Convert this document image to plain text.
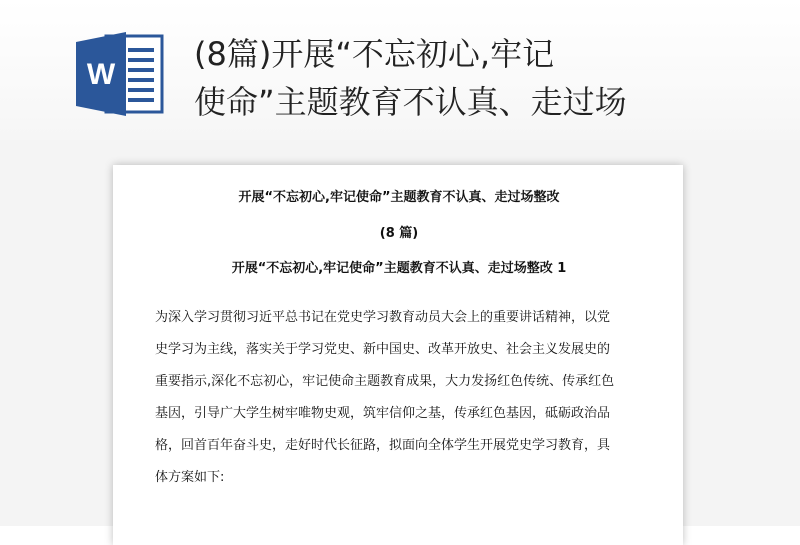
W
(8篇)开展“不忘初心,牢记
使命”主题教育不认真、走过场
开展“不忘初心,牢记使命”主题教育不认真、走过场整改
(8 篇)
开展“不忘初心,牢记使命”主题教育不认真、走过场整改 1
为深入学习贯彻习近平总书记在党史学习教育动员大会上的重要讲话精神，以党
史学习为主线，落实关于学习党史、新中国史、改革开放史、社会主义发展史的
重要指示,深化不忘初心，牢记使命主题教育成果，大力发扬红色传统、传承红色
基因，引导广大学生树牢唯物史观，筑牢信仰之基，传承红色基因，砥砺政治品
格，回首百年奋斗史，走好时代长征路，拟面向全体学生开展党史学习教育，具
体方案如下:
